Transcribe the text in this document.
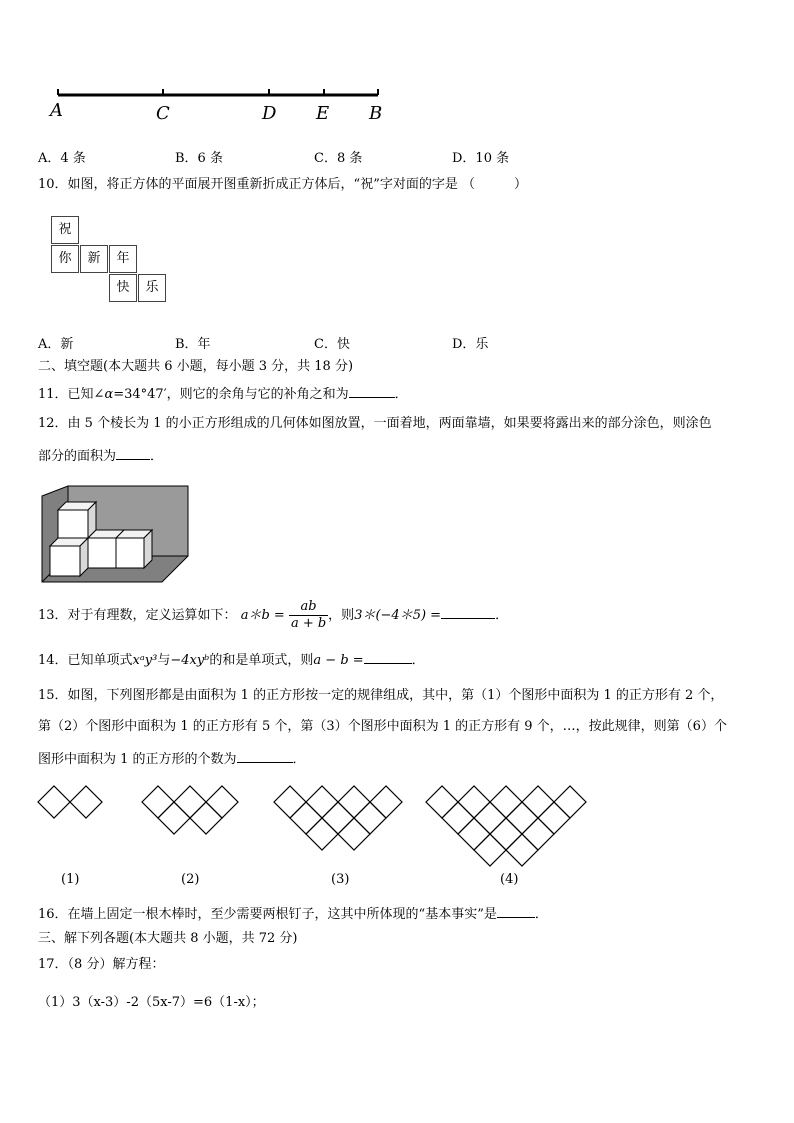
A	C	D E B
A．4 条	B．6 条	C．8 条	D．10 条
10．如图，将正方体的平面展开图重新折成正方体后，“祝”字对面的字是 （　　　）
祝
你	新	年
快	乐
A．新	B．年	C．快	D．乐
二、填空题(本大题共 6 小题，每小题 3 分，共 18 分)
11．已知∠α=34°47′，则它的余角与它的补角之和为	．
12．由 5 个棱长为 1 的小正方形组成的几何体如图放置，一面着地，两面靠墙，如果要将露出来的部分涂色，则涂色
部分的面积为	．
13．对于有理数，定义运算如下： a＊b = $\frac{ab}{a + b}$ ，则3＊(−4＊5) =	．
14．已知单项式xᵃy³与−4xyᵇ的和是单项式，则a − b =	．
15．如图，下列图形都是由面积为 1 的正方形按一定的规律组成，其中，第（1）个图形中面积为 1 的正方形有 2 个，
第（2）个图形中面积为 1 的正方形有 5 个，第（3）个图形中面积为 1 的正方形有 9 个，…，按此规律，则第（6）个
图形中面积为 1 的正方形的个数为	．
(1)	(2)	(3)	(4)
16．在墙上固定一根木棒时，至少需要两根钉子，这其中所体现的“基本事实”是	．
三、解下列各题(本大题共 8 小题，共 72 分)
17．（8 分）解方程：
（1）3（x-3）-2（5x-7）=6（1-x）；
